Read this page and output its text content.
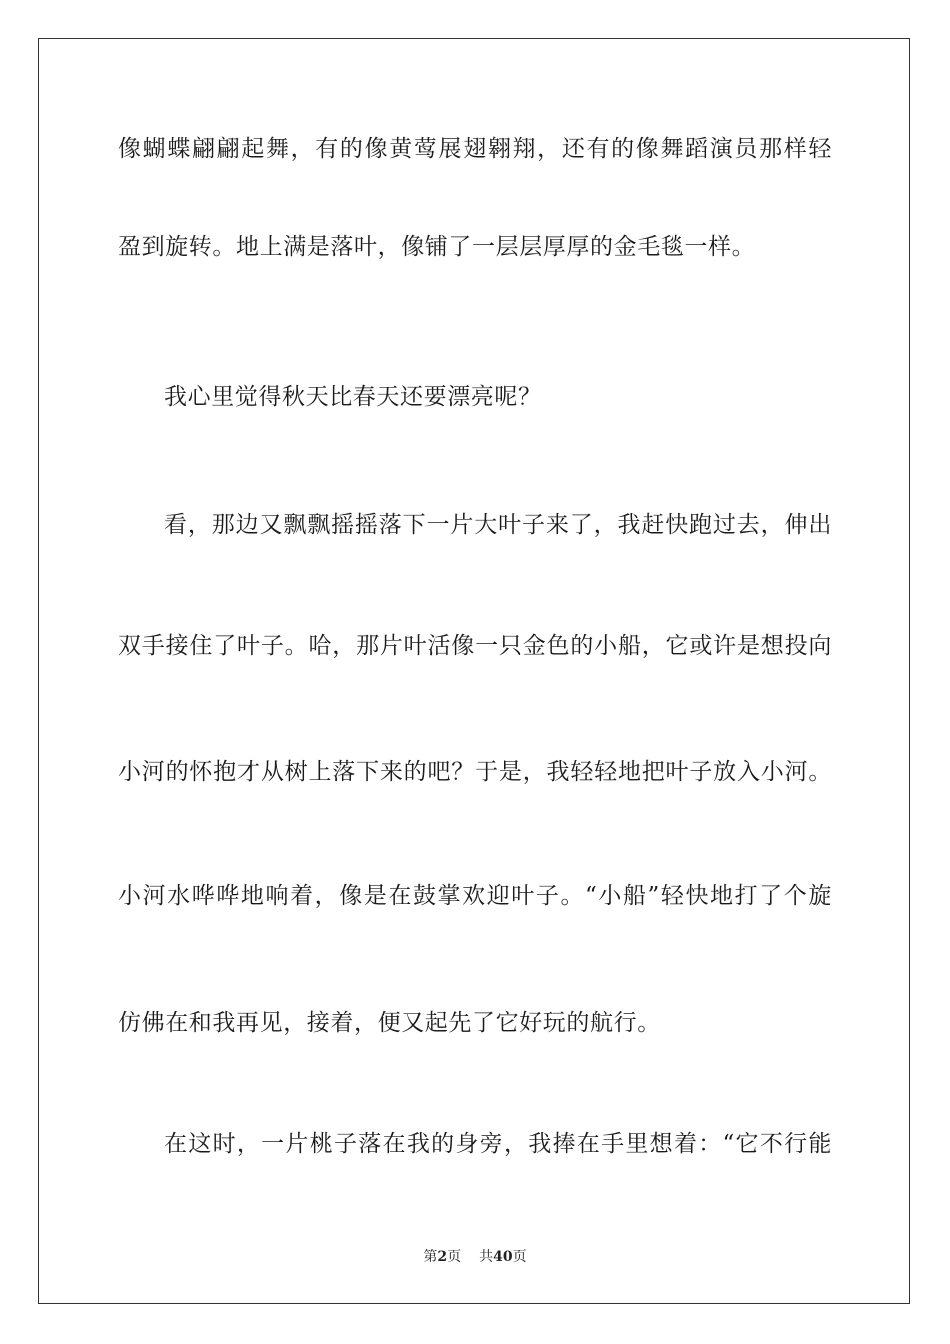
像蝴蝶翩翩起舞，有的像黄莺展翅翱翔，还有的像舞蹈演员那样轻
盈到旋转。地上满是落叶，像铺了一层层厚厚的金毛毯一样。
我心里觉得秋天比春天还要漂亮呢？
看，那边又飘飘摇摇落下一片大叶子来了，我赶快跑过去，伸出
双手接住了叶子。哈，那片叶活像一只金色的小船，它或许是想投向
小河的怀抱才从树上落下来的吧？于是，我轻轻地把叶子放入小河。
小河水哗哗地响着，像是在鼓掌欢迎叶子。“小船”轻快地打了个旋
仿佛在和我再见，接着，便又起先了它好玩的航行。
在这时，一片桃子落在我的身旁，我捧在手里想着：“它不行能
第2页 共40页
